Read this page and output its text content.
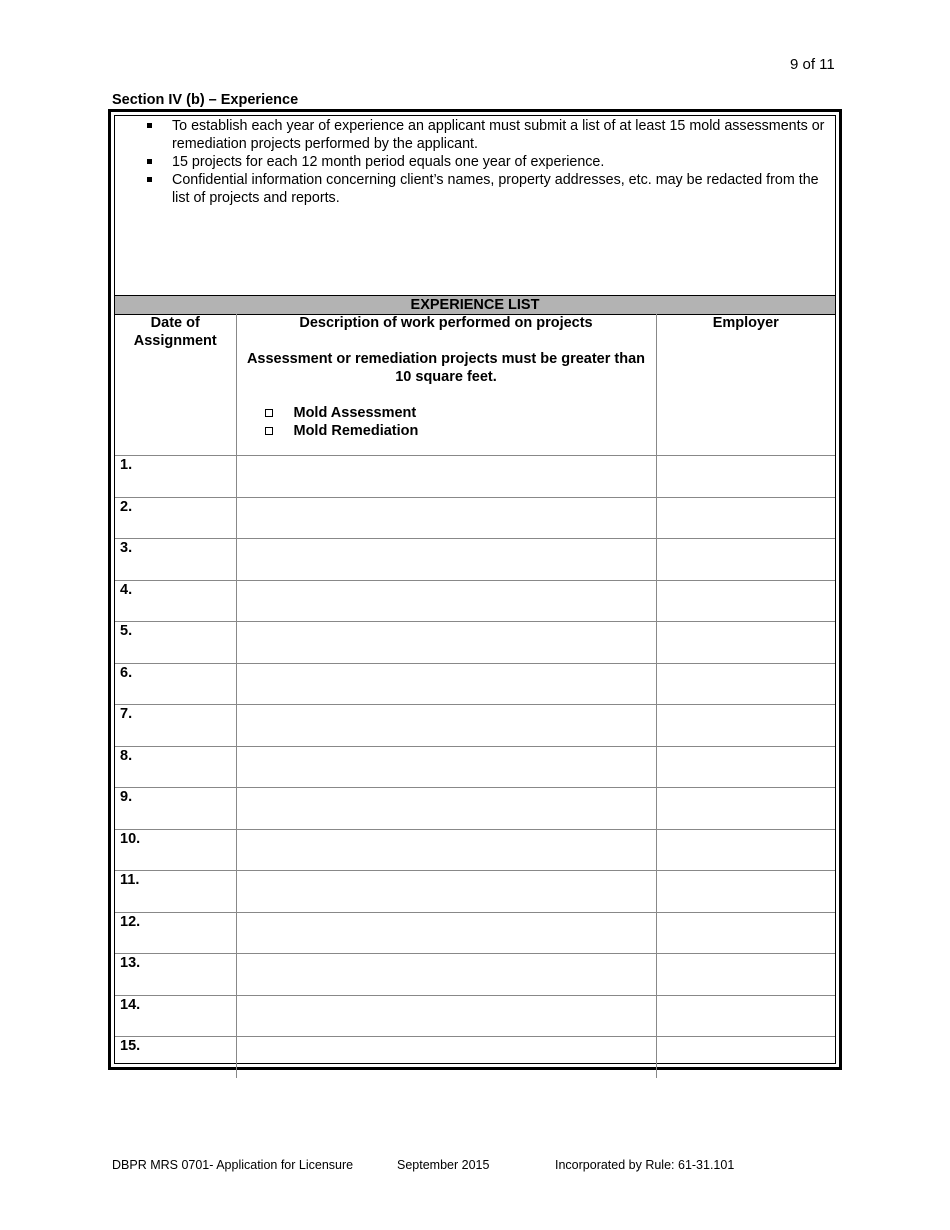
9 of 11
Section IV (b) – Experience
To establish each year of experience an applicant must submit a list of at least 15 mold assessments or remediation projects performed by the applicant.
15 projects for each 12 month period equals one year of experience.
Confidential information concerning client’s names, property addresses, etc. may be redacted from the list of projects and reports.
EXPERIENCE LIST
Date of Assignment	Description of work performed on projects
Assessment or remediation projects must be greater than 10 square feet.
Mold Assessment
Mold Remediation	Employer
1.		
2.		
3.		
4.		
5.		
6.		
7.		
8.		
9.		
10.		
11.		
12.		
13.		
14.		
15.		
DBPR MRS 0701- Application for Licensure	September 2015	Incorporated by Rule: 61-31.101
